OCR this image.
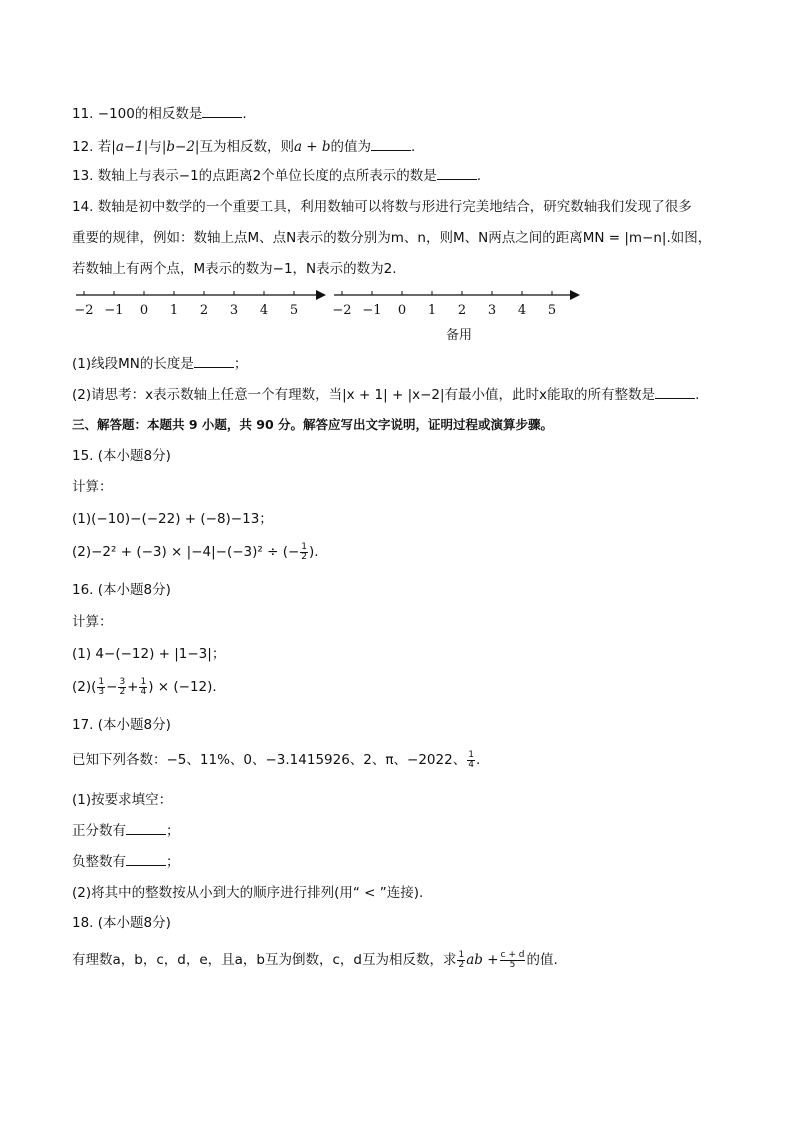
11. −100的相反数是	.
12. 若|a−1|与|b−2|互为相反数，则a + b的值为	.
13. 数轴上与表示−1的点距离2个单位长度的点所表示的数是	.
14. 数轴是初中数学的一个重要工具，利用数轴可以将数与形进行完美地结合，研究数轴我们发现了很多
重要的规律，例如：数轴上点M、点N表示的数分别为m、n，则M、N两点之间的距离MN = |m−n|.如图，
若数轴上有两个点，M表示的数为−1，N表示的数为2.
−2 −1 0 1 2 3 4 5	−2 −1 0 1 2 3 4 5
备用
(1)线段MN的长度是	；
(2)请思考：x表示数轴上任意一个有理数，当|x + 1| + |x−2|有最小值，此时x能取的所有整数是	.
三、解答题：本题共 9 小题，共 90 分。解答应写出文字说明，证明过程或演算步骤。
15. (本小题8分)
计算：
(1)(−10)−(−22) + (−8)−13；
(2)−2² + (−3) × |−4|−(−3)² ÷ (− $\frac{1}{2}$ ).
16. (本小题8分)
计算：
(1) 4−(−12) + |1−3|；
$(2)( \frac{1}{3} - \frac{3}{2} + \frac{1}{4}$ ) × (−12).
17. (本小题8分)
已知下列各数：−5、11%、0、−3.1415926、2、π、−2022、 $\frac{1}{4}$ .
(1)按要求填空：
正分数有	；
负整数有	；
(2)将其中的整数按从小到大的顺序进行排列(用“ < ”连接).
18. (本小题8分)
有理数a，b，c，d，e，且a，b互为倒数，c，d互为相反数，求 $\frac{1}{2}$ ab + $\frac{c + d}{5}$ 的值.
